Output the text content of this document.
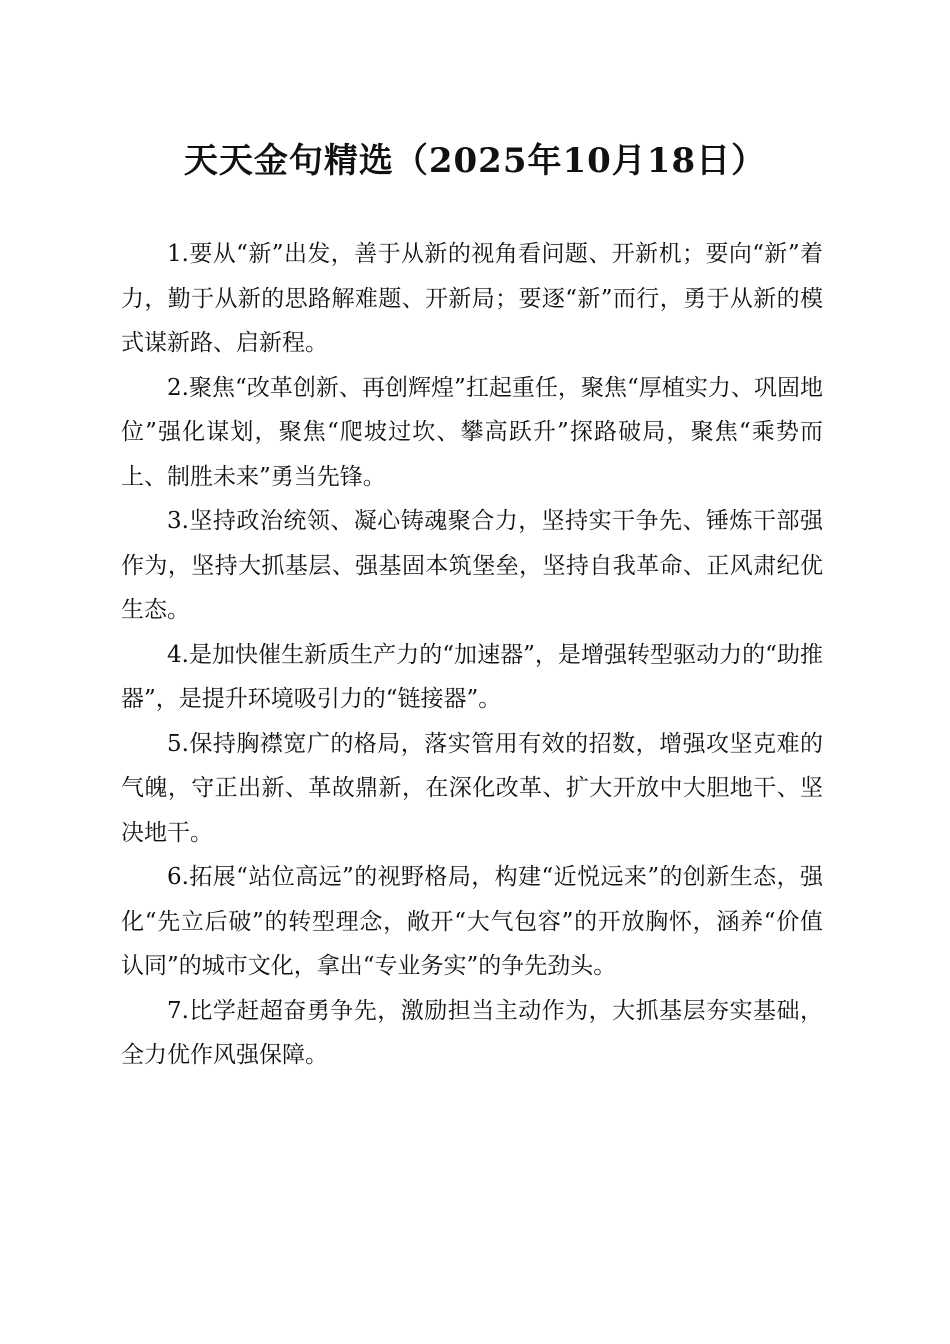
天天金句精选（2025年10月18日）

1.要从“新”出发，善于从新的视角看问题、开新机；要向“新”着力，勤于从新的思路解难题、开新局；要逐“新”而行，勇于从新的模式谋新路、启新程。

2.聚焦“改革创新、再创辉煌”扛起重任，聚焦“厚植实力、巩固地位”强化谋划，聚焦“爬坡过坎、攀高跃升”探路破局，聚焦“乘势而上、制胜未来”勇当先锋。

3.坚持政治统领、凝心铸魂聚合力，坚持实干争先、锤炼干部强作为，坚持大抓基层、强基固本筑堡垒，坚持自我革命、正风肃纪优生态。

4.是加快催生新质生产力的“加速器”，是增强转型驱动力的“助推器”，是提升环境吸引力的“链接器”。

5.保持胸襟宽广的格局，落实管用有效的招数，增强攻坚克难的气魄，守正出新、革故鼎新，在深化改革、扩大开放中大胆地干、坚决地干。

6.拓展“站位高远”的视野格局，构建“近悦远来”的创新生态，强化“先立后破”的转型理念，敞开“大气包容”的开放胸怀，涵养“价值认同”的城市文化，拿出“专业务实”的争先劲头。

7.比学赶超奋勇争先，激励担当主动作为，大抓基层夯实基础，全力优作风强保障。
